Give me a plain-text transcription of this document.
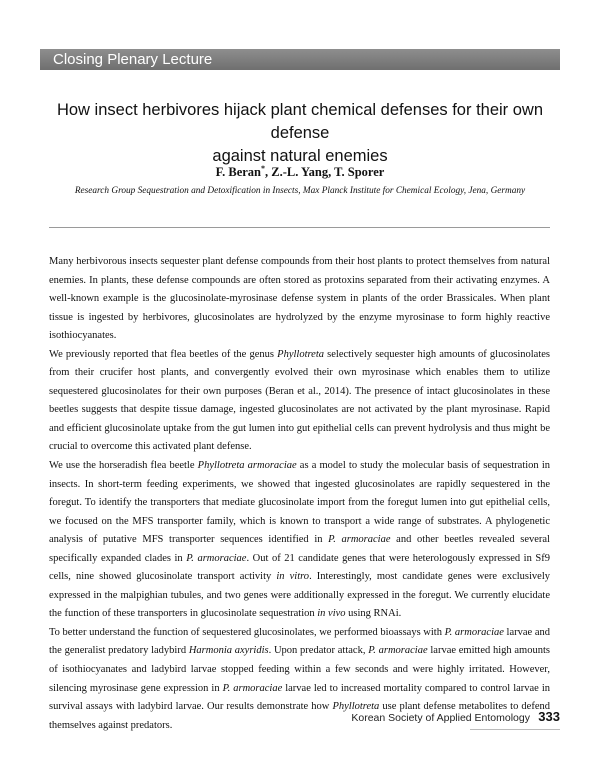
Closing Plenary Lecture
How insect herbivores hijack plant chemical defenses for their own defense
against natural enemies
F. Beran*, Z.-L. Yang, T. Sporer
Research Group Sequestration and Detoxification in Insects, Max Planck Institute for Chemical Ecology, Jena, Germany

Many herbivorous insects sequester plant defense compounds from their host plants to protect themselves from natural enemies. In plants, these defense compounds are often stored as protoxins separated from their activating enzymes. A well-known example is the glucosinolate-myrosinase defense system in plants of the order Brassicales. When plant tissue is ingested by herbivores, glucosinolates are hydrolyzed by the enzyme myrosinase to form highly reactive isothiocyanates.

We previously reported that flea beetles of the genus Phyllotreta selectively sequester high amounts of glucosinolates from their crucifer host plants, and convergently evolved their own myrosinase which enables them to utilize sequestered glucosinolates for their own purposes (Beran et al., 2014). The presence of intact glucosinolates in these beetles suggests that despite tissue damage, ingested glucosinolates are not activated by the plant myrosinase. Rapid and efficient glucosinolate uptake from the gut lumen into gut epithelial cells can prevent hydrolysis and thus might be crucial to overcome this activated plant defense.

We use the horseradish flea beetle Phyllotreta armoraciae as a model to study the molecular basis of sequestration in insects. In short-term feeding experiments, we showed that ingested glucosinolates are rapidly sequestered in the foregut. To identify the transporters that mediate glucosinolate import from the foregut lumen into gut epithelial cells, we focused on the MFS transporter family, which is known to transport a wide range of substrates. A phylogenetic analysis of putative MFS transporter sequences identified in P. armoraciae and other beetles revealed several specifically expanded clades in P. armoraciae. Out of 21 candidate genes that were heterologously expressed in Sf9 cells, nine showed glucosinolate transport activity in vitro. Interestingly, most candidate genes were exclusively expressed in the malpighian tubules, and two genes were additionally expressed in the foregut. We currently elucidate the function of these transporters in glucosinolate sequestration in vivo using RNAi.

To better understand the function of sequestered glucosinolates, we performed bioassays with P. armoraciae larvae and the generalist predatory ladybird Harmonia axyridis. Upon predator attack, P. armoraciae larvae emitted high amounts of isothiocyanates and ladybird larvae stopped feeding within a few seconds and were highly irritated. However, silencing myrosinase gene expression in P. armoraciae larvae led to increased mortality compared to control larvae in survival assays with ladybird larvae. Our results demonstrate how Phyllotreta use plant defense metabolites to defend themselves against predators.

Korean Society of Applied Entomology 333
